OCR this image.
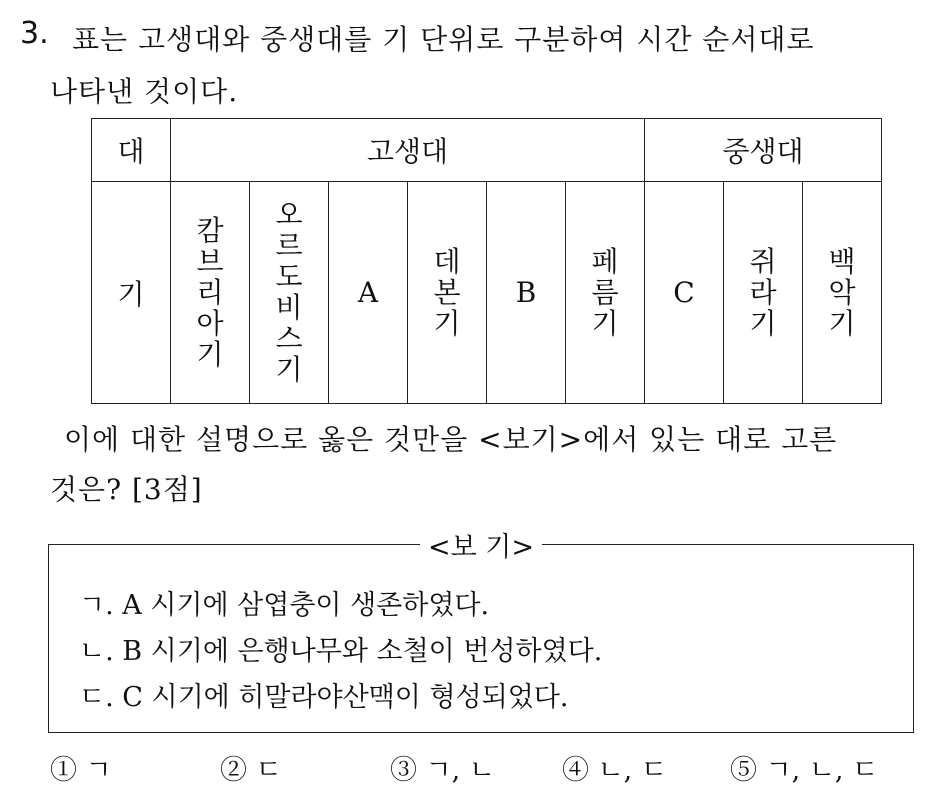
3. 표는 고생대와 중생대를 기 단위로 구분하여 시간 순서대로
나타낸 것이다.
대	고생대						중생대		
기	캄브리아기	오르도비스기	A	데본기	B	페름기	C	쥐라기	백악기
이에 대한 설명으로 옳은 것만을 <보기>에서 있는 대로 고른
것은? [3점]
<보 기>
ㄱ. A 시기에 삼엽충이 생존하였다.
ㄴ. B 시기에 은행나무와 소철이 번성하였다.
ㄷ. C 시기에 히말라야산맥이 형성되었다.
① ㄱ	② ㄷ	③ ㄱ, ㄴ ④ ㄴ, ㄷ ⑤ ㄱ, ㄴ, ㄷ
